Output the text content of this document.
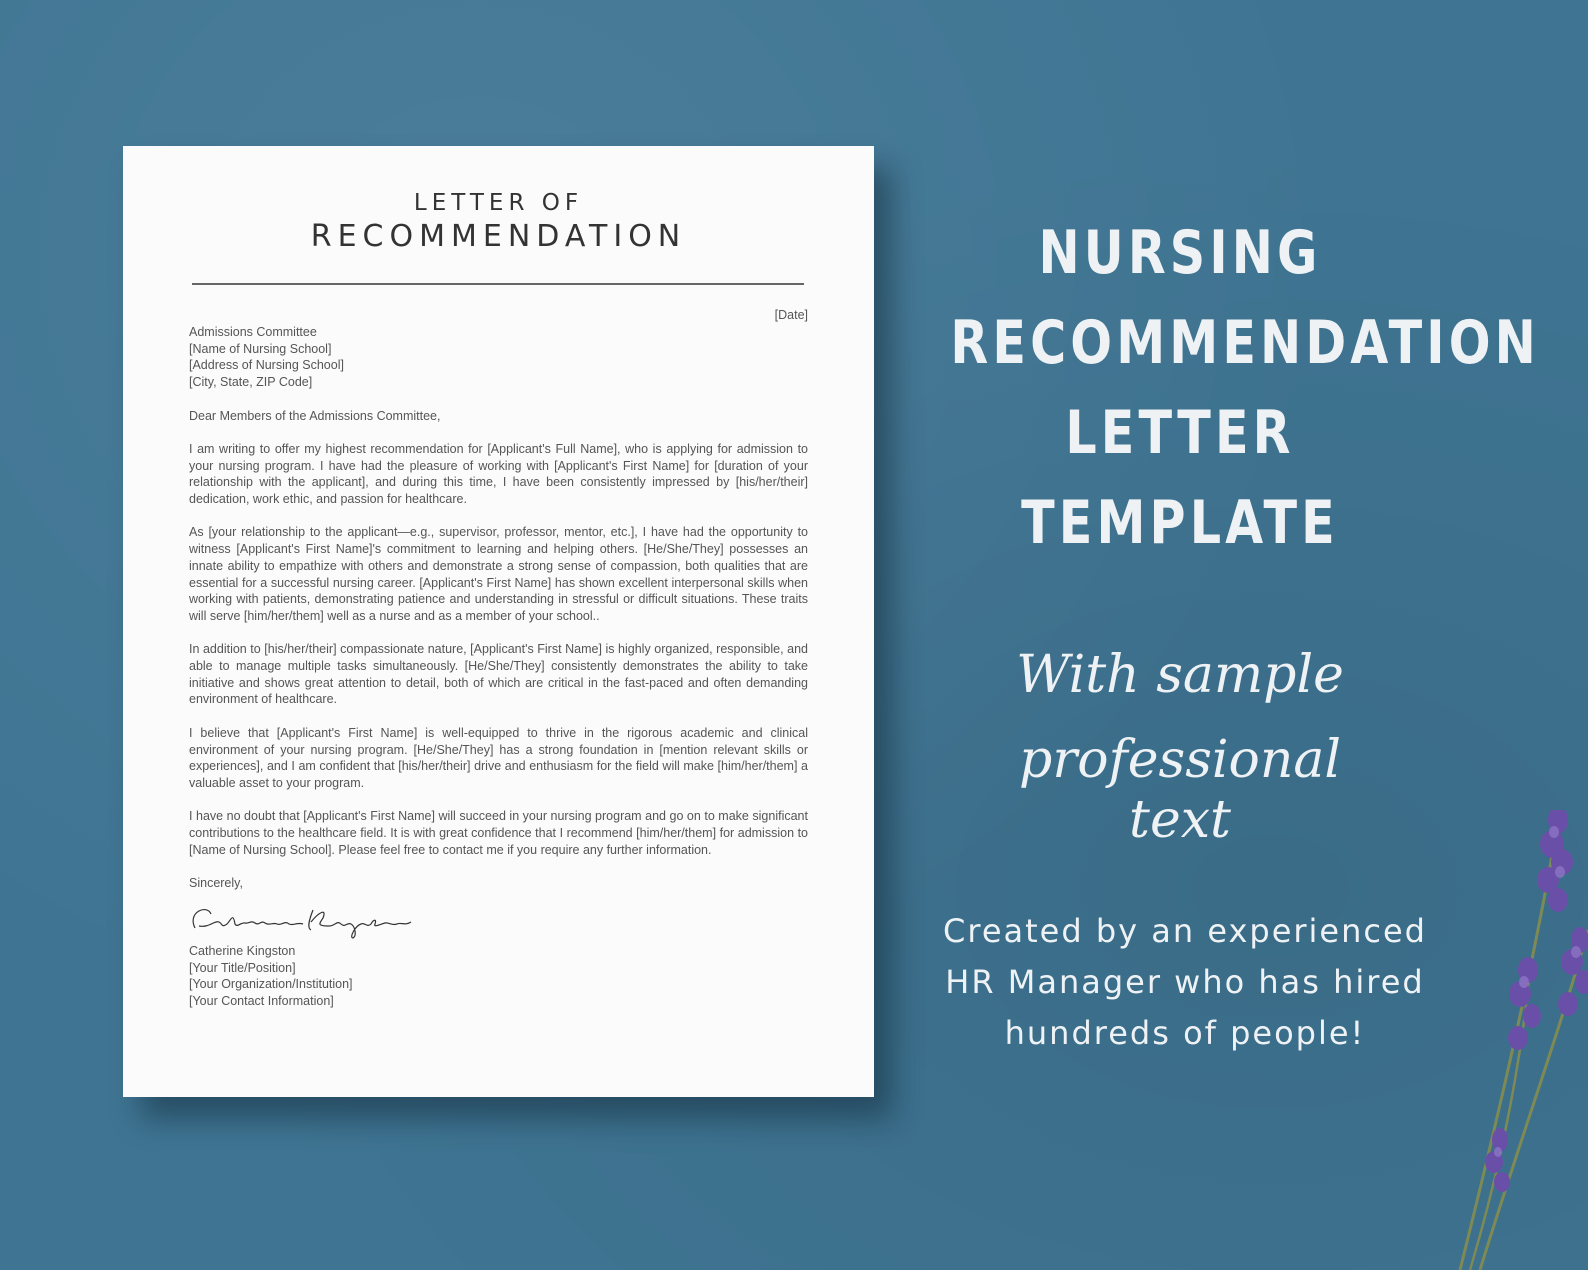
LETTER OF
RECOMMENDATION
[Date]
Admissions Committee
[Name of Nursing School]
[Address of Nursing School]
[City, State, ZIP Code]

Dear Members of the Admissions Committee,

I am writing to offer my highest recommendation for [Applicant's Full Name], who is applying for admission to your nursing program. I have had the pleasure of working with [Applicant's First Name] for [duration of your relationship with the applicant], and during this time, I have been consistently impressed by [his/her/their] dedication, work ethic, and passion for healthcare.

As [your relationship to the applicant—e.g., supervisor, professor, mentor, etc.], I have had the opportunity to witness [Applicant's First Name]'s commitment to learning and helping others. [He/She/They] possesses an innate ability to empathize with others and demonstrate a strong sense of compassion, both qualities that are essential for a successful nursing career. [Applicant's First Name] has shown excellent interpersonal skills when working with patients, demonstrating patience and understanding in stressful or difficult situations. These traits will serve [him/her/them] well as a nurse and as a member of your school..

In addition to [his/her/their] compassionate nature, [Applicant's First Name] is highly organized, responsible, and able to manage multiple tasks simultaneously. [He/She/They] consistently demonstrates the ability to take initiative and shows great attention to detail, both of which are critical in the fast-paced and often demanding environment of healthcare.

I believe that [Applicant's First Name] is well-equipped to thrive in the rigorous academic and clinical environment of your nursing program. [He/She/They] has a strong foundation in [mention relevant skills or experiences], and I am confident that [his/her/their] drive and enthusiasm for the field will make [him/her/them] a valuable asset to your program.

I have no doubt that [Applicant's First Name] will succeed in your nursing program and go on to make significant contributions to the healthcare field. It is with great confidence that I recommend [him/her/them] for admission to [Name of Nursing School]. Please feel free to contact me if you require any further information.

Sincerely,

Catherine Kingston
[Your Title/Position]
[Your Organization/Institution]
[Your Contact Information]
NURSING
RECOMMENDATION
LETTER
TEMPLATE
With sample
professional text
Created by an experienced
HR Manager who has hired
hundreds of people!
